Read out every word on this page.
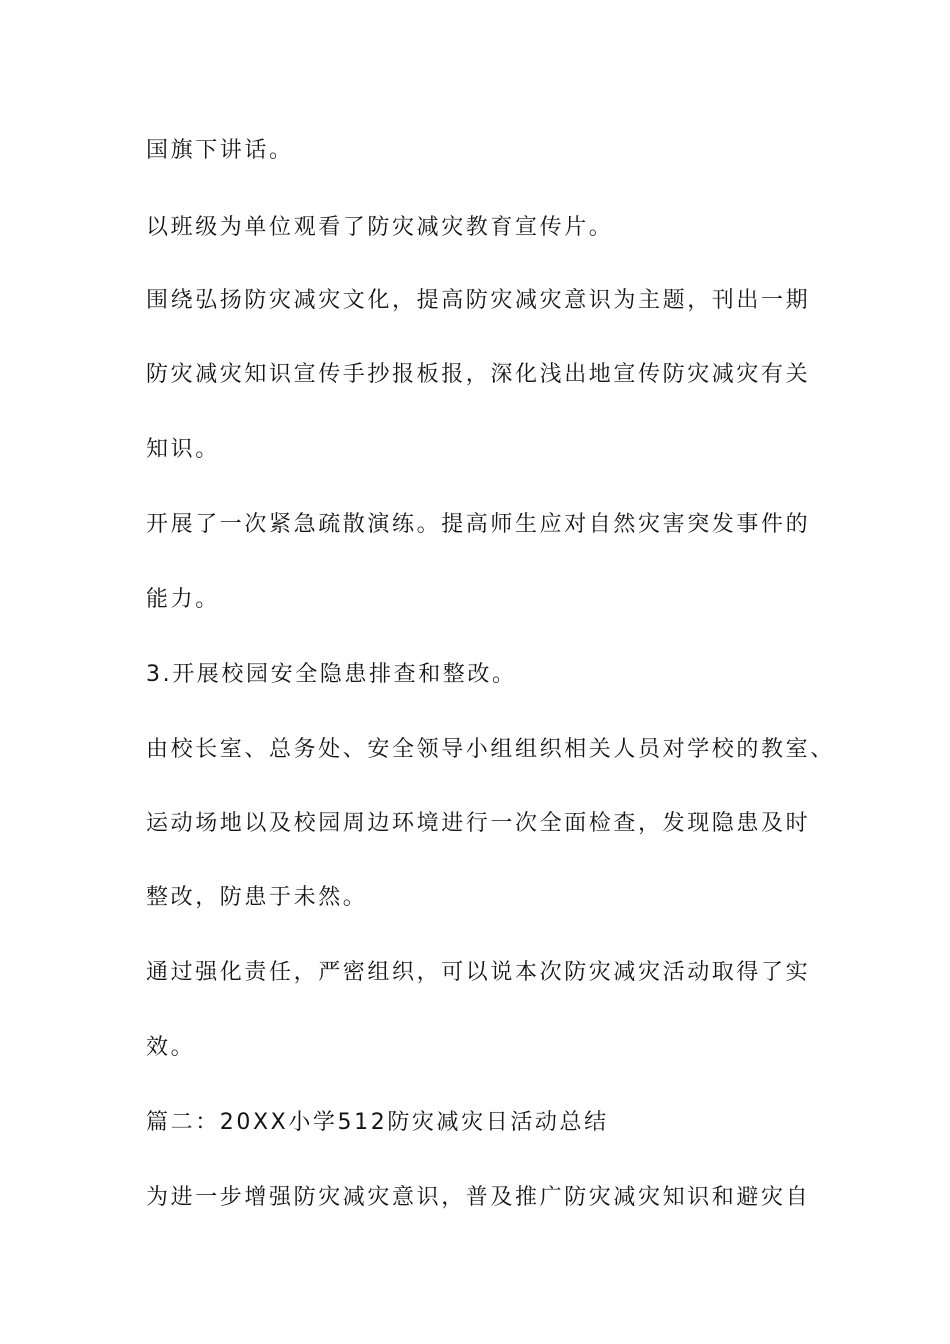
国旗下讲话。
以班级为单位观看了防灾减灾教育宣传片。
围绕弘扬防灾减灾文化，提高防灾减灾意识为主题，刊出一期
防灾减灾知识宣传手抄报板报，深化浅出地宣传防灾减灾有关
知识。
开展了一次紧急疏散演练。提高师生应对自然灾害突发事件的
能力。
3.开展校园安全隐患排查和整改。
由校长室、总务处、安全领导小组组织相关人员对学校的教室、
运动场地以及校园周边环境进行一次全面检查，发现隐患及时
整改，防患于未然。
通过强化责任，严密组织，可以说本次防灾减灾活动取得了实
效。
篇二：20XX小学512防灾减灾日活动总结
为进一步增强防灾减灾意识，普及推广防灾减灾知识和避灾自
